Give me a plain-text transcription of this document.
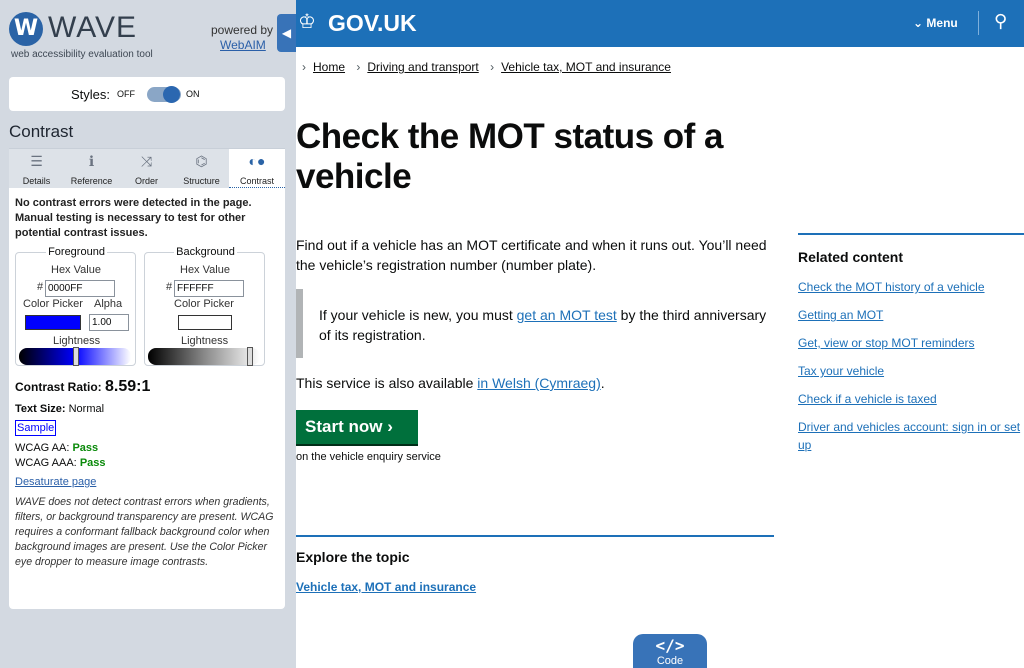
W WAVE
web accessibility evaluation tool
powered by
WebAIM
◀
Styles: OFF	ON
Contrast
☰
Details
ℹ
Reference
⤨
Order
⌬
Structure
◐●
Contrast
No contrast errors were detected in the page. Manual testing is necessary to test for other potential contrast issues.
Foreground
Hex Value
# 0000FF
Color Picker Alpha
1.00
Lightness
Background
Hex Value
# FFFFFF
Color Picker
Lightness
Contrast Ratio: 8.59:1
Text Size: Normal
Sample
WCAG AA: Pass
WCAG AAA: Pass
Desaturate page
WAVE does not detect contrast errors when gradients, filters, or background transparency are present. WCAG requires a conformant fallback background color when background images are present. Use the Color Picker eye dropper to measure image contrasts.
♔ GOV.UK	⌄ Menu ⚲
› Home › Driving and transport › Vehicle tax, MOT and insurance
Check the MOT status of a vehicle

Find out if a vehicle has an MOT certificate and when it runs out. You’ll need the vehicle’s registration number (number plate).

If your vehicle is new, you must get an MOT test by the third anniversary of its registration.

This service is also available in Welsh (Cymraeg).

Start now ›
on the vehicle enquiry service
Explore the topic
Vehicle tax, MOT and insurance
Related content
Check the MOT history of a vehicle
Getting an MOT
Get, view or stop MOT reminders
Tax your vehicle
Check if a vehicle is taxed
Driver and vehicles account: sign in or set up
</>
Code
